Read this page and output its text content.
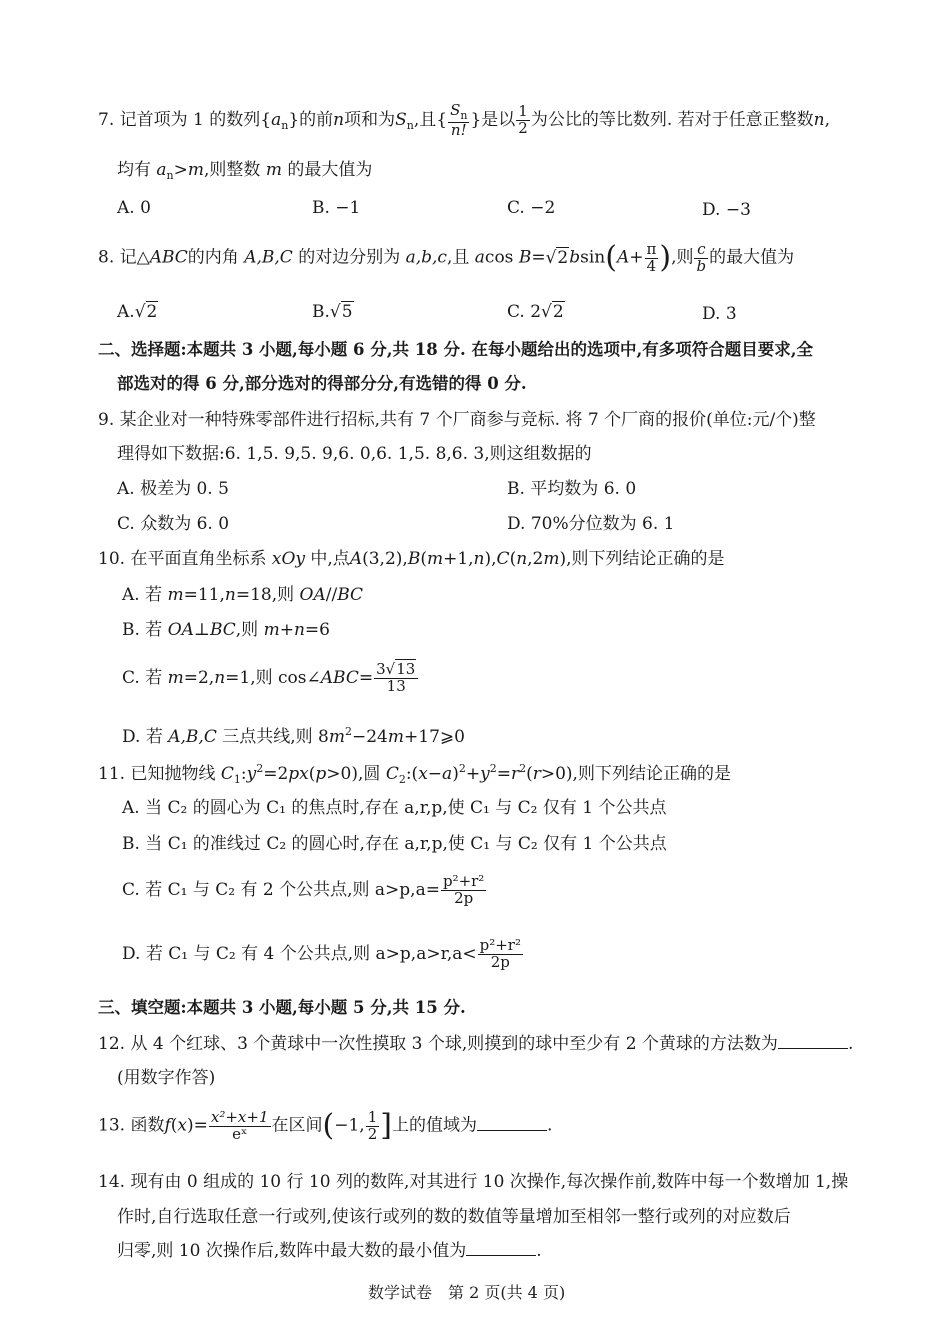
7. 记首项为 1 的数列$\{a_n\}$的前n项和为$S_n$,且{ $\frac{S_n}{n!}$ }是以 $\frac{1}{2}$ 为公比的等比数列. 若对于任意正整数n,
均有 $a_n>m$,则整数 m 的最大值为
A. 0	B. −1	C. −2	D. −3
8. 记△ABC的内角 A,B,C 的对边分别为 a,b,c,且 acos $B=√2bsin(A+ \frac{\pi}{4}$ ),则 $\frac{c}{b}$ 的最大值为
A.√2	B.√5	C. 2√2	D. 3
二、选择题:本题共 3 小题,每小题 6 分,共 18 分. 在每小题给出的选项中,有多项符合题目要求,全
部选对的得 6 分,部分选对的得部分分,有选错的得 0 分.
9. 某企业对一种特殊零部件进行招标,共有 7 个厂商参与竞标. 将 7 个厂商的报价(单位:元/个)整
理得如下数据:6. 1,5. 9,5. 9,6. 0,6. 1,5. 8,6. 3,则这组数据的
A. 极差为 0. 5	B. 平均数为 6. 0
C. 众数为 6. 0	D. 70%分位数为 6. 1
10. 在平面直角坐标系 xOy 中,点A(3,2),B(m+1,n),C(n,2m),则下列结论正确的是
A. 若 m=11,n=18,则 OA//BC
B. 若 OA⊥BC,则 m+n=6
C. 若 m=2,n=1,则 cos∠ABC= $\frac{3√13}{13}$
D. 若 A,B,C 三点共线,则 $8m^2-24m+17⩾0$
11. 已知抛物线 $C_1:y^2=2px(p>0)$,圆 $C_2:(x-a)^2+y^2=r^2(r>0)$,则下列结论正确的是
A. 当 C₂ 的圆心为 C₁ 的焦点时,存在 a,r,p,使 C₁ 与 C₂ 仅有 1 个公共点
B. 当 C₁ 的准线过 C₂ 的圆心时,存在 a,r,p,使 C₁ 与 C₂ 仅有 1 个公共点
C. 若 C₁ 与 C₂ 有 2 个公共点,则 $a>p,a= \frac{\text{p²+r²}}{2p}$
D. 若 C₁ 与 C₂ 有 4 个公共点,则 $a>p,a>r,a< \frac{\text{p²+r²}}{2p}$
三、填空题:本题共 3 小题,每小题 5 分,共 15 分.
12. 从 4 个红球、3 个黄球中一次性摸取 3 个球,则摸到的球中至少有 2 个黄球的方法数为	.
(用数字作答)
13. 函数$f(x)= \frac{\text{x²+x+1}}{\text{eˣ}}$ 在区间(−1, $\frac{1}{2}$ ]上的值域为	.
14. 现有由 0 组成的 10 行 10 列的数阵,对其进行 10 次操作,每次操作前,数阵中每一个数增加 1,操
作时,自行选取任意一行或列,使该行或列的数的数值等量增加至相邻一整行或列的对应数后
归零,则 10 次操作后,数阵中最大数的最小值为	.
数学试卷　第 2 页(共 4 页)
